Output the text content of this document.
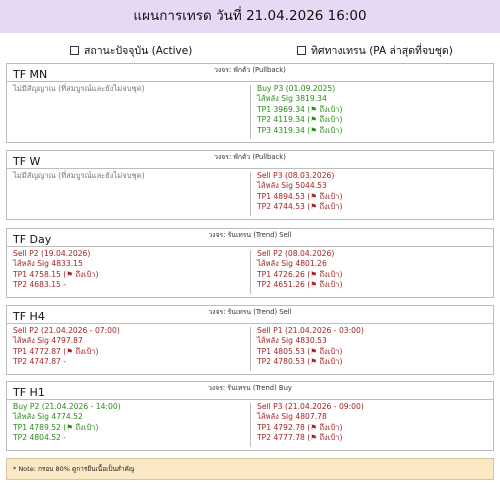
แผนการเทรด วันที่ 21.04.2026 16:00
สถานะปัจจุบัน (Active)	ทิศทางเทรน (PA ล่าสุดที่จบชุด)
วงจร: พักตัว (Pullback)
TF MN
ไม่มีสัญญาณ (ที่สมบูรณ์และยังไม่จบชุด)	Buy P3 (01.09.2025)
ไส้หลัง Sig 3819.34
TP1 3969.34 (⚑ ถึงเป้า)
TP2 4119.34 (⚑ ถึงเป้า)
TP3 4319.34 (⚑ ถึงเป้า)
วงจร: พักตัว (Pullback)
TF W
ไม่มีสัญญาณ (ที่สมบูรณ์และยังไม่จบชุด)	Sell P3 (08.03.2026)
ไส้หลัง Sig 5044.53
TP1 4894.53 (⚑ ถึงเป้า)
TP2 4744.53 (⚑ ถึงเป้า)
วงจร: รันเทรน (Trend) Sell
TF Day
Sell P2 (19.04.2026)
ไส้หลัง Sig 4833.15
TP1 4758.15 (⚑ ถึงเป้า)
TP2 4683.15 -
Sell P2 (08.04.2026)
ไส้หลัง Sig 4801.26
TP1 4726.26 (⚑ ถึงเป้า)
TP2 4651.26 (⚑ ถึงเป้า)
วงจร: รันเทรน (Trend) Sell
TF H4
Sell P2 (21.04.2026 - 07:00)
ไส้หลัง Sig 4797.87
TP1 4772.87 (⚑ ถึงเป้า)
TP2 4747.87 -
Sell P1 (21.04.2026 - 03:00)
ไส้หลัง Sig 4830.53
TP1 4805.53 (⚑ ถึงเป้า)
TP2 4780.53 (⚑ ถึงเป้า)
วงจร: รันเทรน (Trend) Buy
TF H1
Buy P2 (21.04.2026 - 14:00)
ไส้หลัง Sig 4774.52
TP1 4789.52 (⚑ ถึงเป้า)
TP2 4804.52 -
Sell P3 (21.04.2026 - 09:00)
ไส้หลัง Sig 4807.78
TP1 4792.78 (⚑ ถึงเป้า)
TP2 4777.78 (⚑ ถึงเป้า)
* Note: กรอบ 80% ดูการยืนเนื้อเป็นสำคัญ
